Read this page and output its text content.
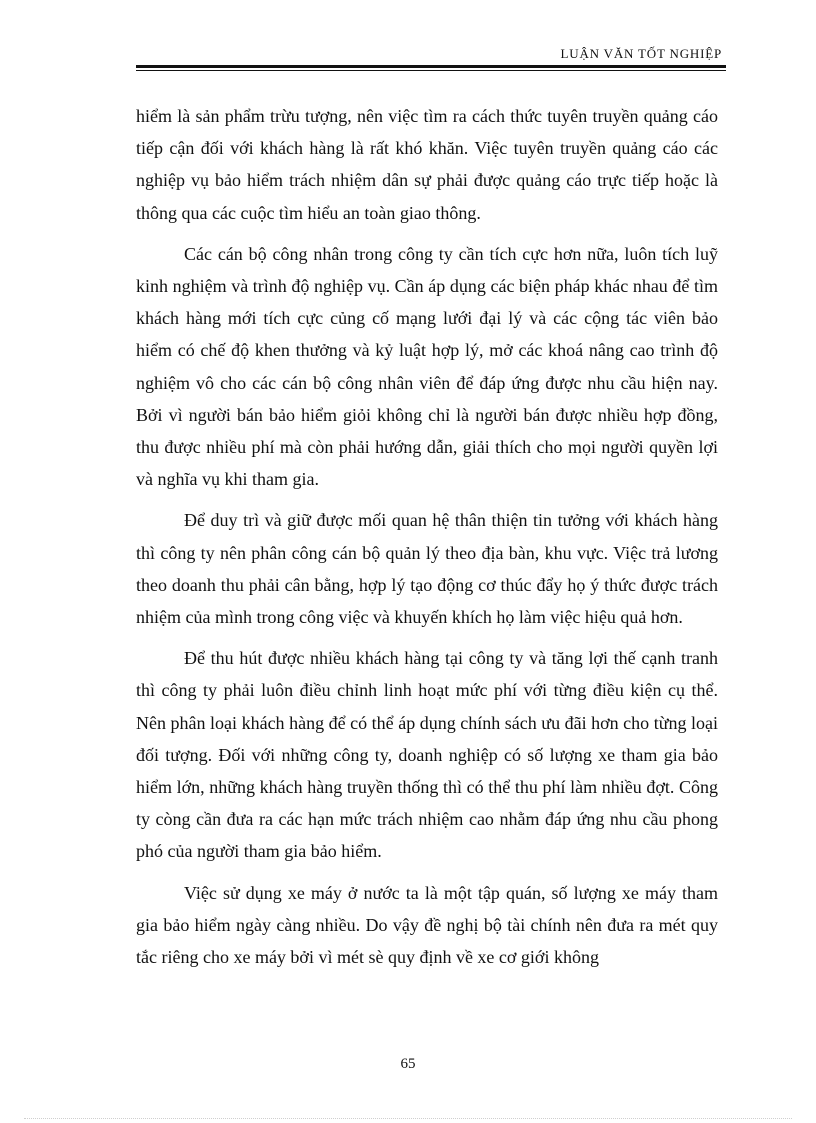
LUẬN VĂN TỐT NGHIỆP

hiểm là sản phẩm trừu tượng, nên việc tìm ra cách thức tuyên truyền quảng cáo tiếp cận đối với khách hàng là rất khó khăn. Việc tuyên truyền quảng cáo các nghiệp vụ bảo hiểm trách nhiệm dân sự phải được quảng cáo trực tiếp hoặc là thông qua các cuộc tìm hiểu an toàn giao thông.

Các cán bộ công nhân trong công ty cần tích cực hơn nữa, luôn tích luỹ kinh nghiệm và trình độ nghiệp vụ. Cần áp dụng các biện pháp khác nhau để tìm khách hàng mới tích cực củng cố mạng lưới đại lý và các cộng tác viên bảo hiểm có chế độ khen thưởng và kỷ luật hợp lý, mở các khoá nâng cao trình độ nghiệm vô cho các cán bộ công nhân viên để đáp ứng được nhu cầu hiện nay. Bởi vì người bán bảo hiểm giỏi không chỉ là người bán được nhiều hợp đồng, thu được nhiều phí mà còn phải hướng dẫn, giải thích cho mọi người quyền lợi và nghĩa vụ khi tham gia.

Để duy trì và giữ được mối quan hệ thân thiện tin tưởng với khách hàng thì công ty nên phân công cán bộ quản lý theo địa bàn, khu vực. Việc trả lương theo doanh thu phải cân bằng, hợp lý tạo động cơ thúc đẩy họ ý thức được trách nhiệm của mình trong công việc và khuyến khích họ làm việc hiệu quả hơn.

Để thu hút được nhiều khách hàng tại công ty và tăng lợi thế cạnh tranh thì công ty phải luôn điều chỉnh linh hoạt mức phí với từng điều kiện cụ thể. Nên phân loại khách hàng để có thể áp dụng chính sách ưu đãi hơn cho từng loại đối tượng. Đối với những công ty, doanh nghiệp có số lượng xe tham gia bảo hiểm lớn, những khách hàng truyền thống thì có thể thu phí làm nhiều đợt. Công ty còng cần đưa ra các hạn mức trách nhiệm cao nhằm đáp ứng nhu cầu phong phó của người tham gia bảo hiểm.

Việc sử dụng xe máy ở nước ta là một tập quán, số lượng xe máy tham gia bảo hiểm ngày càng nhiều. Do vậy đề nghị bộ tài chính nên đưa ra mét quy tắc riêng cho xe máy bởi vì mét sè quy định về xe cơ giới không

65
